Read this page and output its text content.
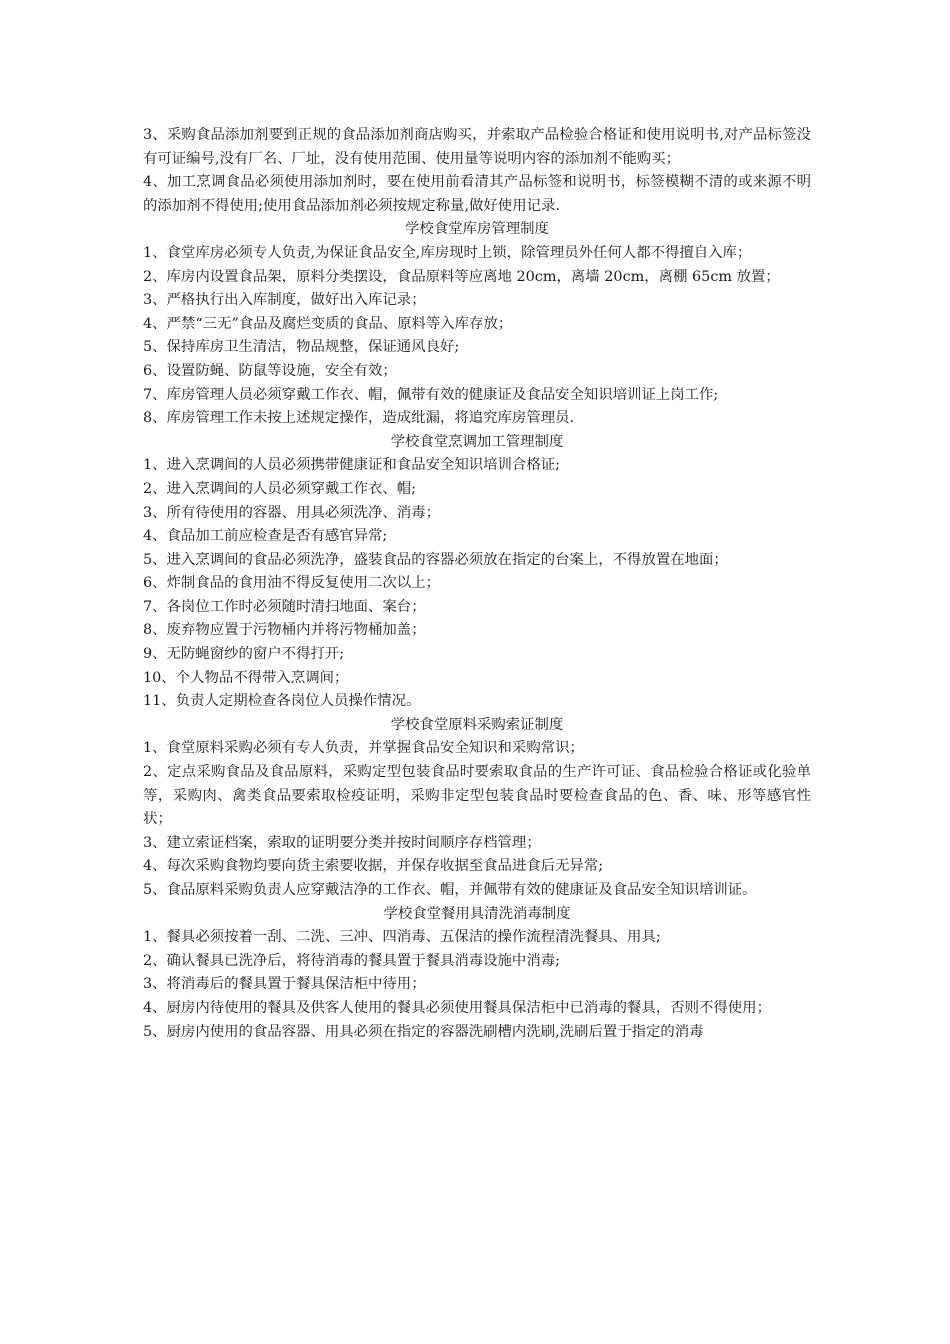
3、采购食品添加剂要到正规的食品添加剂商店购买，并索取产品检验合格证和使用说明书,对产品标签没有可证编号,没有厂名、厂址，没有使用范围、使用量等说明内容的添加剂不能购买；

4、加工烹调食品必须使用添加剂时，要在使用前看清其产品标签和说明书，标签模糊不清的或来源不明的添加剂不得使用;使用食品添加剂必须按规定称量,做好使用记录.

学校食堂库房管理制度

1、食堂库房必须专人负责,为保证食品安全,库房现时上锁，除管理员外任何人都不得擅自入库；

2、库房内设置食品架，原料分类摆设，食品原料等应离地 20cm，离墙 20cm，离棚 65cm 放置；

3、严格执行出入库制度，做好出入库记录；

4、严禁“三无”食品及腐烂变质的食品、原料等入库存放；

5、保持库房卫生清洁，物品规整，保证通风良好;

6、设置防蝇、防鼠等设施，安全有效；

7、库房管理人员必须穿戴工作衣、帽，佩带有效的健康证及食品安全知识培训证上岗工作;

8、库房管理工作未按上述规定操作，造成纰漏，将追究库房管理员.

学校食堂烹调加工管理制度

1、进入烹调间的人员必须携带健康证和食品安全知识培训合格证;

2、进入烹调间的人员必须穿戴工作衣、帽;

3、所有待使用的容器、用具必须洗净、消毒；

4、食品加工前应检查是否有感官异常;

5、进入烹调间的食品必须洗净，盛装食品的容器必须放在指定的台案上，不得放置在地面；

6、炸制食品的食用油不得反复使用二次以上；

7、各岗位工作时必须随时清扫地面、案台；

8、废弃物应置于污物桶内并将污物桶加盖；

9、无防蝇窗纱的窗户不得打开;

10、个人物品不得带入烹调间；

11、负责人定期检查各岗位人员操作情况。

学校食堂原料采购索证制度

1、食堂原料采购必须有专人负责，并掌握食品安全知识和采购常识；

2、定点采购食品及食品原料，采购定型包装食品时要索取食品的生产许可证、食品检验合格证或化验单等，采购肉、禽类食品要索取检疫证明，采购非定型包装食品时要检查食品的色、香、味、形等感官性状；

3、建立索证档案，索取的证明要分类并按时间顺序存档管理；

4、每次采购食物均要向货主索要收据，并保存收据至食品进食后无异常;

5、食品原料采购负责人应穿戴洁净的工作衣、帽，并佩带有效的健康证及食品安全知识培训证。

学校食堂餐用具清洗消毒制度

1、餐具必须按着一刮、二洗、三冲、四消毒、五保洁的操作流程清洗餐具、用具;

2、确认餐具已洗净后，将待消毒的餐具置于餐具消毒设施中消毒;

3、将消毒后的餐具置于餐具保洁柜中待用；

4、厨房内待使用的餐具及供客人使用的餐具必须使用餐具保洁柜中已消毒的餐具，否则不得使用；

5、厨房内使用的食品容器、用具必须在指定的容器洗刷槽内洗刷,洗刷后置于指定的消毒
